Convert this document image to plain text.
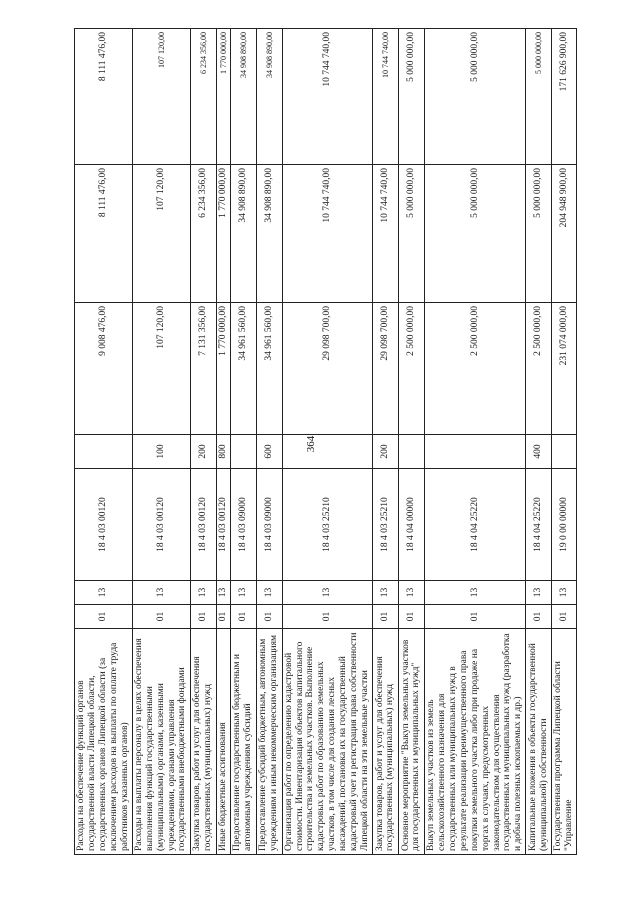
364
Расходы на обеспечение функций органов государственной власти Липецкой области, государственных органов Липецкой области (за исключением расходов на выплаты по оплате труда работников указанных органов)	01	13	18 4 03 00120		9 008 476,00	8 111 476,00	8 111 476,00
Расходы на выплаты персоналу в целях обеспечения выполнения функций государственными (муниципальными) органами, казенными учреждениями, органами управления государственными внебюджетными фондами	01	13	18 4 03 00120	100	107 120,00	107 120,00	107 120,00
Закупка товаров, работ и услуг для обеспечения государственных (муниципальных) нужд	01	13	18 4 03 00120	200	7 131 356,00	6 234 356,00	6 234 356,00
Иные бюджетные ассигнования	01	13	18 4 03 00120	800	1 770 000,00	1 770 000,00	1 770 000,00
Предоставление государственным бюджетным и автономным учреждениям субсидий	01	13	18 4 03 09000		34 961 560,00	34 908 890,00	34 908 890,00
Предоставление субсидий бюджетным, автономным учреждениям и иным некоммерческим организациям	01	13	18 4 03 09000	600	34 961 560,00	34 908 890,00	34 908 890,00
Организация работ по определению кадастровой стоимости. Инвентаризация объектов капитального строительства и земельных участков. Выполнение кадастровых работ по образованию земельных участков, в том числе для создания лесных насаждений, постановка их на государственный кадастровый учет и регистрация права собственности Липецкой области на эти земельные участки	01	13	18 4 03 25210		29 098 700,00	10 744 740,00	10 744 740,00
Закупка товаров, работ и услуг для обеспечения государственных (муниципальных) нужд	01	13	18 4 03 25210	200	29 098 700,00	10 744 740,00	10 744 740,00
Основное мероприятие "Выкуп земельных участков для государственных и муниципальных нужд"	01	13	18 4 04 00000		2 500 000,00	5 000 000,00	5 000 000,00
Выкуп земельных участков из земель сельскохозяйственного назначения для государственных или муниципальных нужд в результате реализации преимущественного права покупки земельного участка либо при продаже на торгах в случаях, предусмотренных законодательством для осуществления государственных и муниципальных нужд (разработка и добыча полезных ископаемых и др.)	01	13	18 4 04 25220		2 500 000,00	5 000 000,00	5 000 000,00
Капитальные вложения в объекты государственной (муниципальной) собственности	01	13	18 4 04 25220	400	2 500 000,00	5 000 000,00	5 000 000,00
Государственная программа Липецкой области "Управление	01	13	19 0 00 00000		231 074 000,00	204 948 900,00	171 626 900,00
